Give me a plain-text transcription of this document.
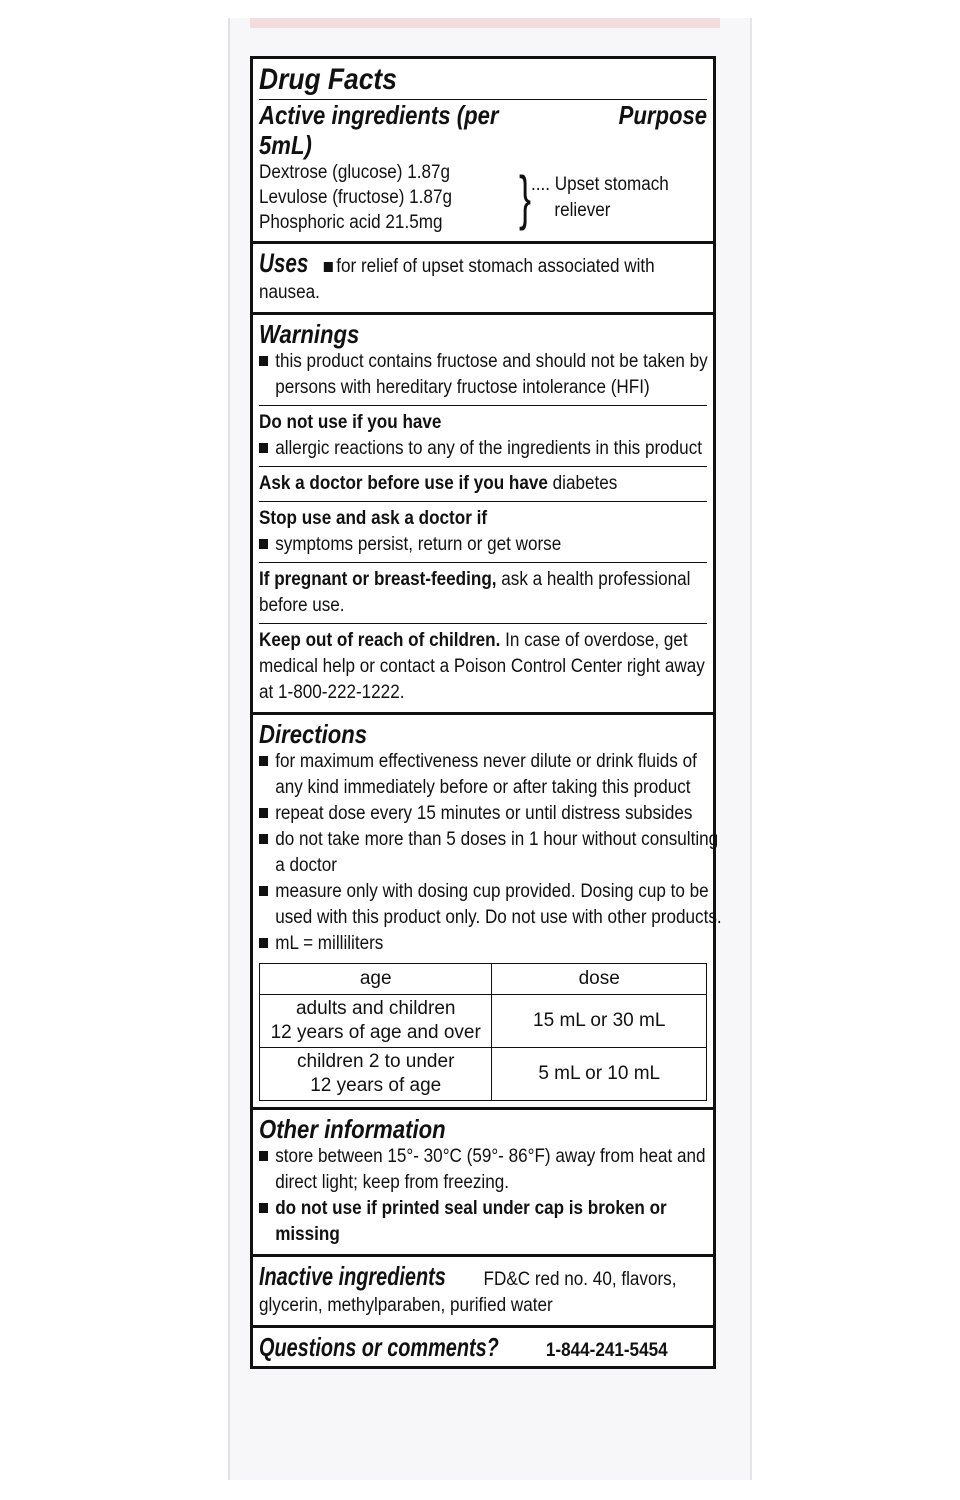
Drug Facts
Active ingredients (per 5mL)
Purpose
Dextrose (glucose) 1.87g
Levulose (fructose) 1.87g
Phosphoric acid 21.5mg	} .... Upset stomach
reliever
Uses for relief of upset stomach associated with nausea.
Warnings
this product contains fructose and should not be taken by persons with hereditary fructose intolerance (HFI)
Do not use if you have
allergic reactions to any of the ingredients in this product
Ask a doctor before use if you have diabetes
Stop use and ask a doctor if
symptoms persist, return or get worse
If pregnant or breast-feeding, ask a health professional before use.
Keep out of reach of children. In case of overdose, get medical help or contact a Poison Control Center right away at 1-800-222-1222.
Directions
for maximum effectiveness never dilute or drink fluids of any kind immediately before or after taking this product
repeat dose every 15 minutes or until distress subsides
do not take more than 5 doses in 1 hour without consulting a doctor
measure only with dosing cup provided. Dosing cup to be used with this product only. Do not use with other products.
mL = milliliters
age	dose

adults and children
12 years of age and over	15 mL or 30 mL

children 2 to under
12 years of age	5 mL or 10 mL
Other information
store between 15°- 30°C (59°- 86°F) away from heat and direct light; keep from freezing.
do not use if printed seal under cap is broken or missing
Inactive ingredients FD&C red no. 40, flavors, glycerin, methylparaben, purified water
Questions or comments? 1-844-241-5454
